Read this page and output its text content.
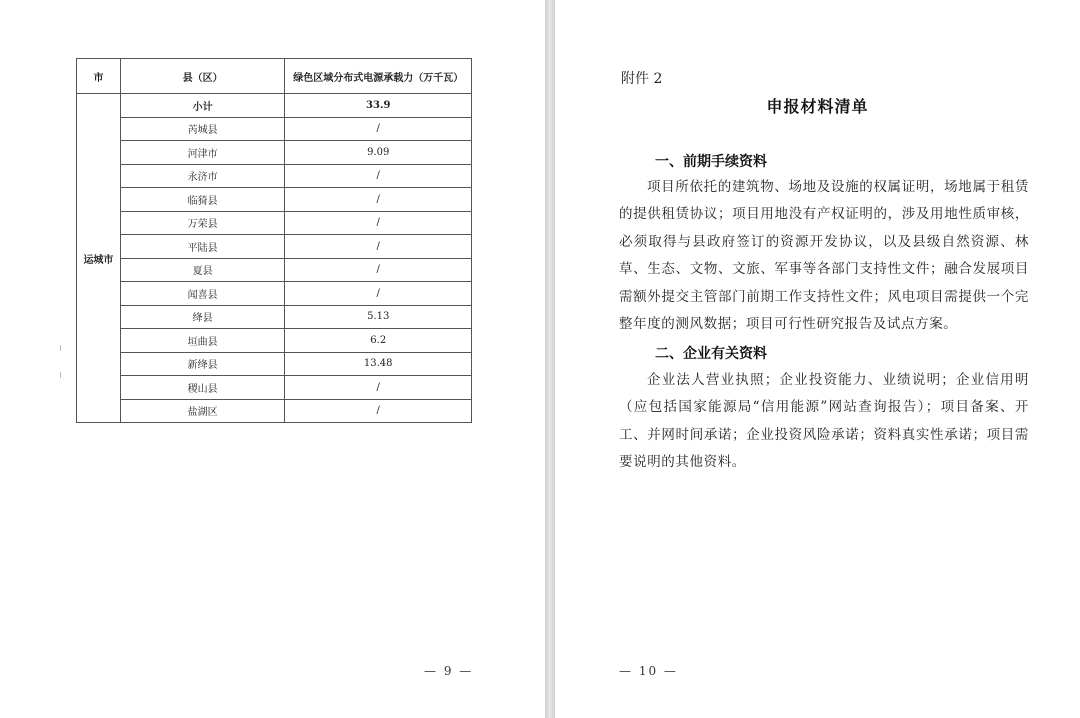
市	县（区）	绿色区域分布式电源承载力（万千瓦）
运城市	小计	33.9
	芮城县	/
	河津市	9.09
	永济市	/
	临猗县	/
	万荣县	/
	平陆县	/
	夏县	/
	闻喜县	/
	绛县	5.13
	垣曲县	6.2
	新绛县	13.48
	稷山县	/
	盐湖区	/
— 9 —
附件 2
申报材料清单
一、前期手续资料

项目所依托的建筑物、场地及设施的权属证明，场地属于租赁的提供租赁协议；项目用地没有产权证明的，涉及用地性质审核，必须取得与县政府签订的资源开发协议，以及县级自然资源、林草、生态、文物、文旅、军事等各部门支持性文件；融合发展项目需额外提交主管部门前期工作支持性文件；风电项目需提供一个完整年度的测风数据；项目可行性研究报告及试点方案。

二、企业有关资料

企业法人营业执照；企业投资能力、业绩说明；企业信用明（应包括国家能源局“信用能源”网站查询报告）；项目备案、开工、并网时间承诺；企业投资风险承诺；资料真实性承诺；项目需要说明的其他资料。

— 10 —
